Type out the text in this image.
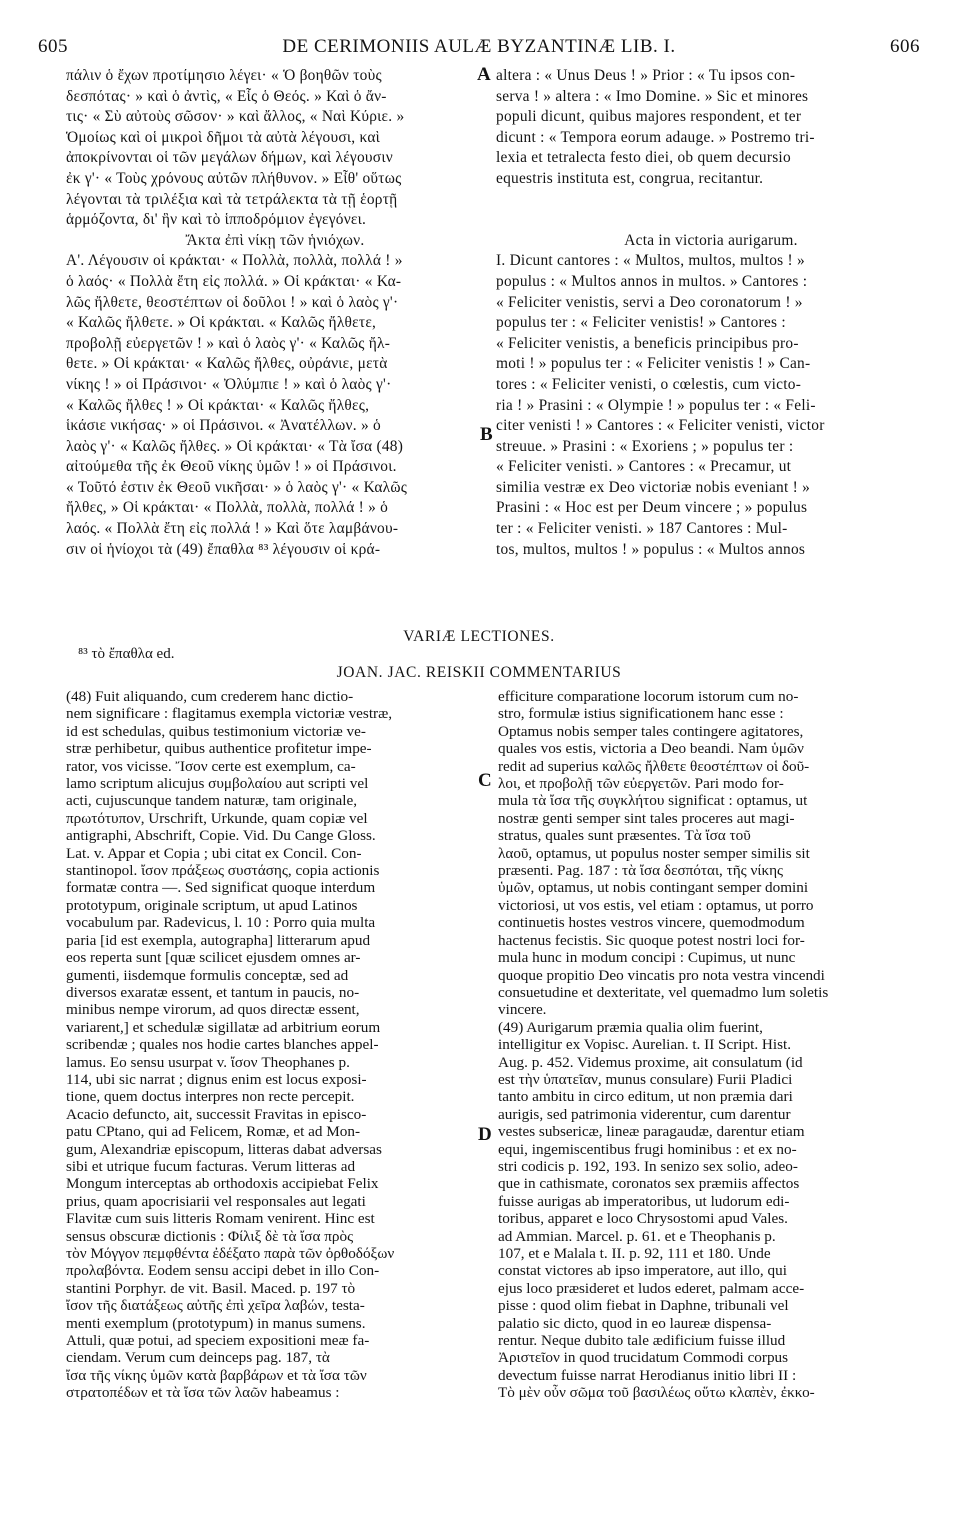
605	DE CERIMONIIS AULÆ BYZANTINÆ LIB. I.	606
A
B
C
D
πάλιν ὁ ἔχων προτίμησιο λέγει· « Ὁ βοηθῶν τοὺς
δεσπότας· » καὶ ὁ ἀντὶς, « Εἷς ὁ Θεός. » Καὶ ὁ ἄν-
τις· « Σὺ αὐτοὺς σῶσον· » καὶ ἄλλος, « Ναὶ Κύριε. »
Ὁμοίως καὶ οἱ μικροὶ δῆμοι τὰ αὐτὰ λέγουσι, καὶ
ἀποκρίνονται οἱ τῶν μεγάλων δήμων, καὶ λέγουσιν
ἐκ γ'· « Τοὺς χρόνους αὐτῶν πλήθυνον. » Εἶθ' οὕτως
λέγονται τὰ τριλέξια καὶ τὰ τετράλεκτα τὰ τῇ ἑορτῇ
ἁρμόζοντα, δι' ἣν καὶ τὸ ἱπποδρόμιον ἐγεγόνει.
Ἄκτα ἐπὶ νίκῃ τῶν ἡνιόχων.
Α'. Λέγουσιν οἱ κράκται· « Πολλὰ, πολλὰ, πολλά ! »
ὁ λαός· « Πολλὰ ἔτη εἰς πολλά. » Οἱ κράκται· « Κα-
λῶς ἤλθετε, θεοστέπτων οἱ δοῦλοι ! » καὶ ὁ λαὸς γ'·
« Καλῶς ἤλθετε. » Οἱ κράκται. « Καλῶς ἤλθετε,
προβολῇ εὐεργετῶν ! » καὶ ὁ λαὸς γ'· « Καλῶς ἤλ-
θετε. » Οἱ κράκται· « Καλῶς ἤλθες, οὐράνιε, μετὰ
νίκης ! » οἱ Πράσινοι· « Ὀλύμπιε ! » καὶ ὁ λαὸς γ'·
« Καλῶς ἤλθες ! » Οἱ κράκται· « Καλῶς ἤλθες,
ἱκάσιε νικήσας· » οἱ Πράσινοι. « Ἀνατέλλων. » ὁ
λαὸς γ'· « Καλῶς ἤλθες. » Οἱ κράκται· « Τὰ ἴσα (48)
αἰτούμεθα τῆς ἐκ Θεοῦ νίκης ὑμῶν ! » οἱ Πράσινοι.
« Τοῦτό ἐστιν ἐκ Θεοῦ νικῆσαι· » ὁ λαὸς γ'· « Καλῶς
ἤλθες, » Οἱ κράκται· « Πολλὰ, πολλὰ, πολλά ! » ὁ
λαός. « Πολλὰ ἔτη εἰς πολλά ! » Καὶ ὅτε λαμβάνου-
σιν οἱ ἡνίοχοι τὰ (49) ἔπαθλα ⁸³ λέγουσιν οἱ κρά-
altera : « Unus Deus ! » Prior : « Tu ipsos con-
serva ! » altera : « Imo Domine. » Sic et minores
populi dicunt, quibus majores respondent, et ter
dicunt : « Tempora eorum adauge. » Postremo tri-
lexia et tetralecta festo diei, ob quem decursio
equestris instituta est, congrua, recitantur.

Acta in victoria aurigarum.
I. Dicunt cantores : « Multos, multos, multos ! »
populus : « Multos annos in multos. » Cantores :
« Feliciter venistis, servi a Deo coronatorum ! »
populus ter : « Feliciter venistis! » Cantores :
« Feliciter venistis, a beneficis principibus pro-
moti ! » populus ter : « Feliciter venistis ! » Can-
tores : « Feliciter venisti, o cœlestis, cum victo-
ria ! » Prasini : « Olympie ! » populus ter : « Feli-
citer venisti ! » Cantores : « Feliciter venisti, victor
streuue. » Prasini : « Exoriens ; » populus ter :
« Feliciter venisti. » Cantores : « Precamur, ut
similia vestræ ex Deo victoriæ nobis eveniant ! »
Prasini : « Hoc est per Deum vincere ; » populus
ter : « Feliciter venisti. » 187 Cantores : Mul-
tos, multos, multos ! » populus : « Multos annos
VARIÆ LECTIONES.
⁸³ τὸ ἔπαθλα ed.
JOAN. JAC. REISKII COMMENTARIUS
(48) Fuit aliquando, cum crederem hanc dictio-
nem significare : flagitamus exempla victoriæ vestræ,
id est schedulas, quibus testimonium victoriæ ve-
stræ perhibetur, quibus authentice profitetur impe-
rator, vos vicisse. Ἴσον certe est exemplum, ca-
lamo scriptum alicujus συμβολαίου aut scripti vel
acti, cujuscunque tandem naturæ, tam originale,
πρωτότυπον, Urschrift, Urkunde, quam copiæ vel
antigraphi, Abschrift, Copie. Vid. Du Cange Gloss.
Lat. v. Appar et Copia ; ubi citat ex Concil. Con-
stantinopol. ἴσον πράξεως συστάσης, copia actionis
formatæ contra —. Sed significat quoque interdum
prototypum, originale scriptum, ut apud Latinos
vocabulum par. Radevicus, l. 10 : Porro quia multa
paria [id est exempla, autographa] litterarum apud
eos reperta sunt [quæ scilicet ejusdem omnes ar-
gumenti, iisdemque formulis conceptæ, sed ad
diversos exaratæ essent, et tantum in paucis, no-
minibus nempe virorum, ad quos directæ essent,
variarent,] et schedulæ sigillatæ ad arbitrium eorum
scribendæ ; quales nos hodie cartes blanches appel-
lamus. Eo sensu usurpat v. ἴσον Theophanes p.
114, ubi sic narrat ; dignus enim est locus exposi-
tione, quem doctus interpres non recte percepit.
Acacio defuncto, ait, successit Fravitas in episco-
patu CPtano, qui ad Felicem, Romæ, et ad Mon-
gum, Alexandriæ episcopum, litteras dabat adversas
sibi et utrique fucum facturas. Verum litteras ad
Mongum interceptas ab orthodoxis accipiebat Felix
prius, quam apocrisiarii vel responsales aut legati
Flavitæ cum suis litteris Romam venirent. Hinc est
sensus obscuræ dictionis : Φίλιξ δὲ τὰ ἴσα πρὸς
τὸν Μόγγον πεμφθέντα ἐδέξατο παρὰ τῶν ὀρθοδόξων
προλαβόντα. Eodem sensu accipi debet in illo Con-
stantini Porphyr. de vit. Basil. Maced. p. 197 τὸ
ἴσον τῆς διατάξεως αὐτῆς ἐπὶ χεῖρα λαβών, testa-
menti exemplum (prototypum) in manus sumens.
Attuli, quæ potui, ad speciem expositioni meæ fa-
ciendam. Verum cum deinceps pag. 187, τὰ
ἴσα τῆς νίκης ὑμῶν κατὰ βαρβάρων et τὰ ἴσα τῶν
στρατοπέδων et τὰ ἴσα τῶν λαῶν habeamus :
efficiture comparatione locorum istorum cum no-
stro, formulæ istius significationem hanc esse :
Optamus nobis semper tales contingere agitatores,
quales vos estis, victoria a Deo beandi. Nam ὑμῶν
redit ad superius καλῶς ἤλθετε θεοστέπτων οἱ δοῦ-
λοι, et προβολῇ τῶν εὐεργετῶν. Pari modo for-
mula τὰ ἴσα τῆς συγκλήτου significat : optamus, ut
nostræ genti semper sint tales proceres aut magi-
stratus, quales sunt præsentes. Τὰ ἴσα τοῦ
λαοῦ, optamus, ut populus noster semper similis sit
præsenti. Pag. 187 : τὰ ἴσα δεσπόται, τῆς νίκης
ὑμῶν, optamus, ut nobis contingant semper domini
victoriosi, ut vos estis, vel etiam : optamus, ut porro
continuetis hostes vestros vincere, quemodmodum
hactenus fecistis. Sic quoque potest nostri loci for-
mula hunc in modum concipi : Cupimus, ut nunc
quoque propitio Deo vincatis pro nota vestra vincendi
consuetudine et dexteritate, vel quemadmo lum soletis
vincere.
(49) Aurigarum præmia qualia olim fuerint,
intelligitur ex Vopisc. Aurelian. t. II Script. Hist.
Aug. p. 452. Videmus proxime, ait consulatum (id
est τὴν ὑπατεῖαν, munus consulare) Furii Pladici
tanto ambitu in circo editum, ut non præmia dari
aurigis, sed patrimonia viderentur, cum darentur
vestes subsericæ, lineæ paragaudæ, darentur etiam
equi, ingemiscentibus frugi hominibus : et ex no-
stri codicis p. 192, 193. In senizo sex solio, adeo-
que in cathismate, coronatos sex præmiis affectos
fuisse aurigas ab imperatoribus, ut ludorum edi-
toribus, apparet e loco Chrysostomi apud Vales.
ad Ammian. Marcel. p. 61. et e Theophanis p.
107, et e Malala t. II. p. 92, 111 et 180. Unde
constat victores ab ipso imperatore, aut illo, qui
ejus loco præsideret et ludos ederet, palmam acce-
pisse : quod olim fiebat in Daphne, tribunali vel
palatio sic dicto, quod in eo laureæ dispensa-
rentur. Neque dubito tale ædificium fuisse illud
Ἀριστεῖον in quod trucidatum Commodi corpus
devectum fuisse narrat Herodianus initio libri II :
Τὸ μὲν οὖν σῶμα τοῦ βασιλέως οὕτω κλαπὲν, ἐκκο-
